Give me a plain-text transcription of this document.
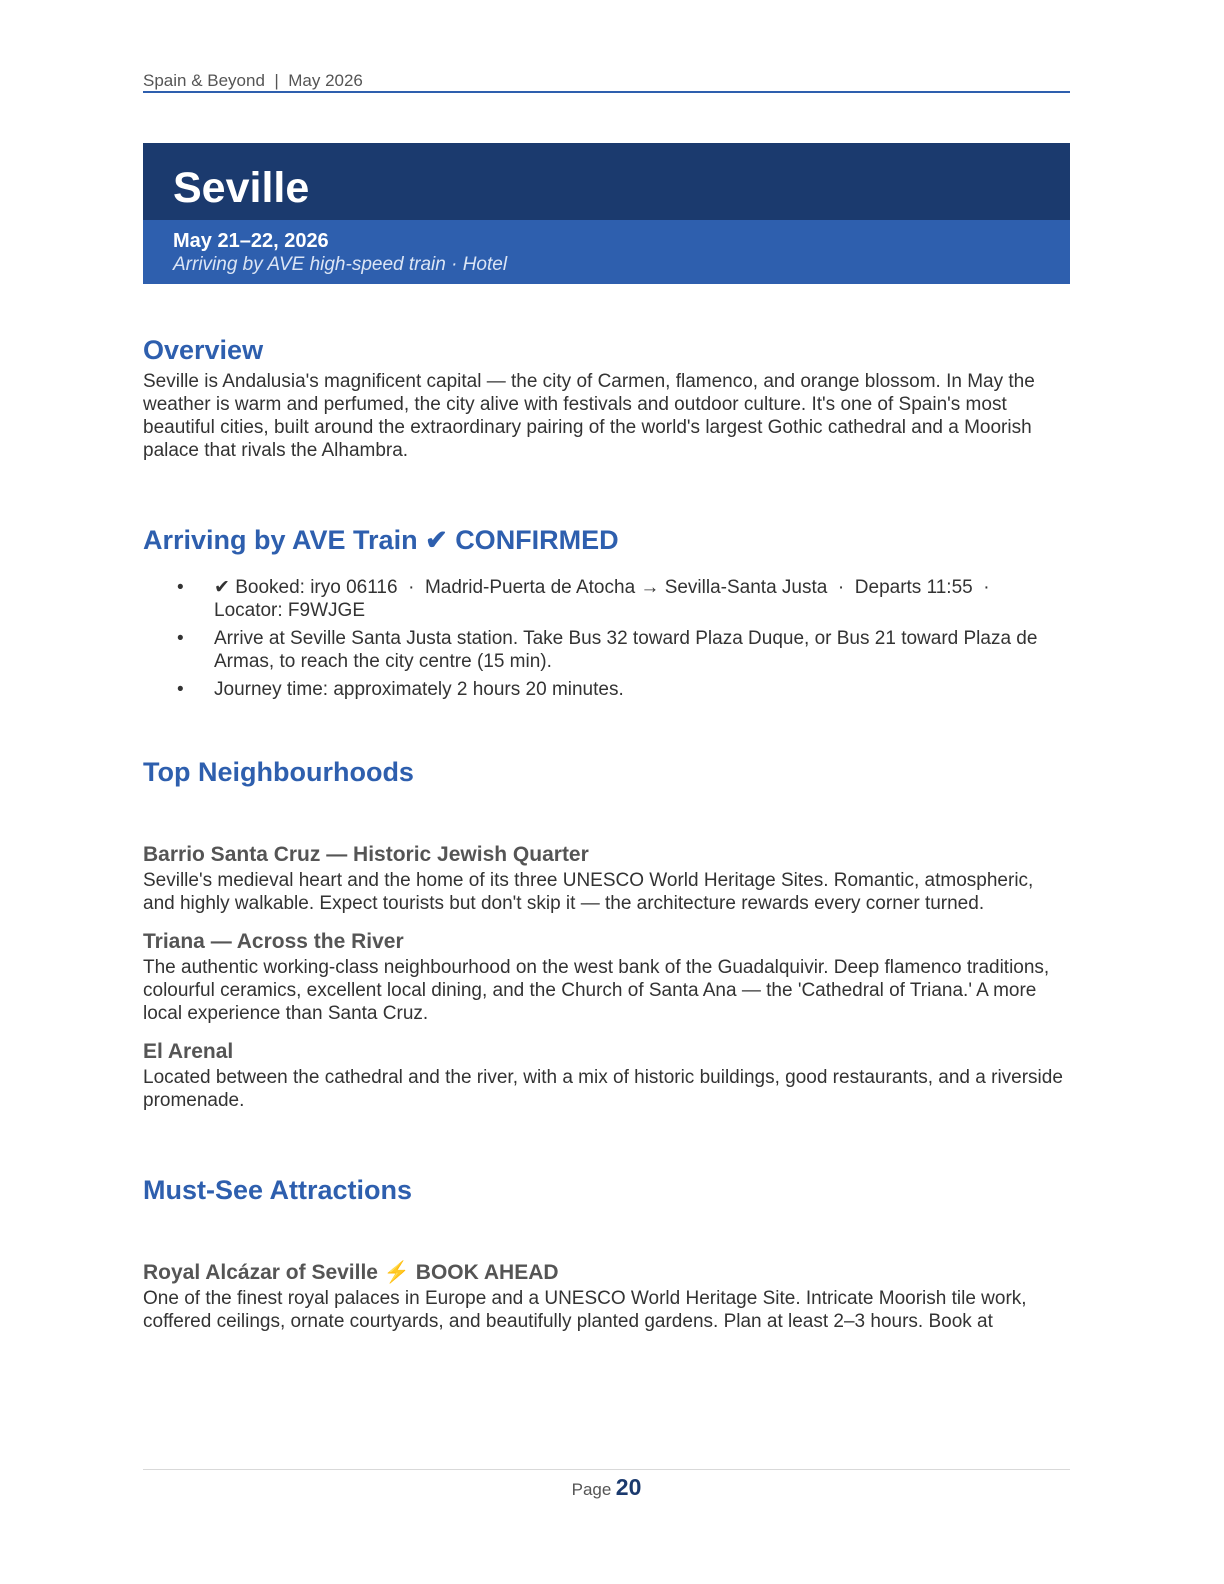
Spain & Beyond  |  May 2026
Seville
May 21–22, 2026
Arriving by AVE high-speed train · Hotel
Overview

Seville is Andalusia's magnificent capital — the city of Carmen, flamenco, and orange blossom. In May the weather is warm and perfumed, the city alive with festivals and outdoor culture. It's one of Spain's most beautiful cities, built around the extraordinary pairing of the world's largest Gothic cathedral and a Moorish palace that rivals the Alhambra.

Arriving by AVE Train ✔ CONFIRMED
• ✔ Booked: iryo 06116  ·  Madrid-Puerta de Atocha → Sevilla-Santa Justa  ·  Departs 11:55  ·  Locator: F9WJGE
• Arrive at Seville Santa Justa station. Take Bus 32 toward Plaza Duque, or Bus 21 toward Plaza de Armas, to reach the city centre (15 min).
• Journey time: approximately 2 hours 20 minutes.
Top Neighbourhoods
Barrio Santa Cruz — Historic Jewish Quarter

Seville's medieval heart and the home of its three UNESCO World Heritage Sites. Romantic, atmospheric, and highly walkable. Expect tourists but don't skip it — the architecture rewards every corner turned.

Triana — Across the River

The authentic working-class neighbourhood on the west bank of the Guadalquivir. Deep flamenco traditions, colourful ceramics, excellent local dining, and the Church of Santa Ana — the 'Cathedral of Triana.' A more local experience than Santa Cruz.

El Arenal

Located between the cathedral and the river, with a mix of historic buildings, good restaurants, and a riverside promenade.

Must-See Attractions
Royal Alcázar of Seville ⚡ BOOK AHEAD

One of the finest royal palaces in Europe and a UNESCO World Heritage Site. Intricate Moorish tile work, coffered ceilings, ornate courtyards, and beautifully planted gardens. Plan at least 2–3 hours. Book at

Page 20
